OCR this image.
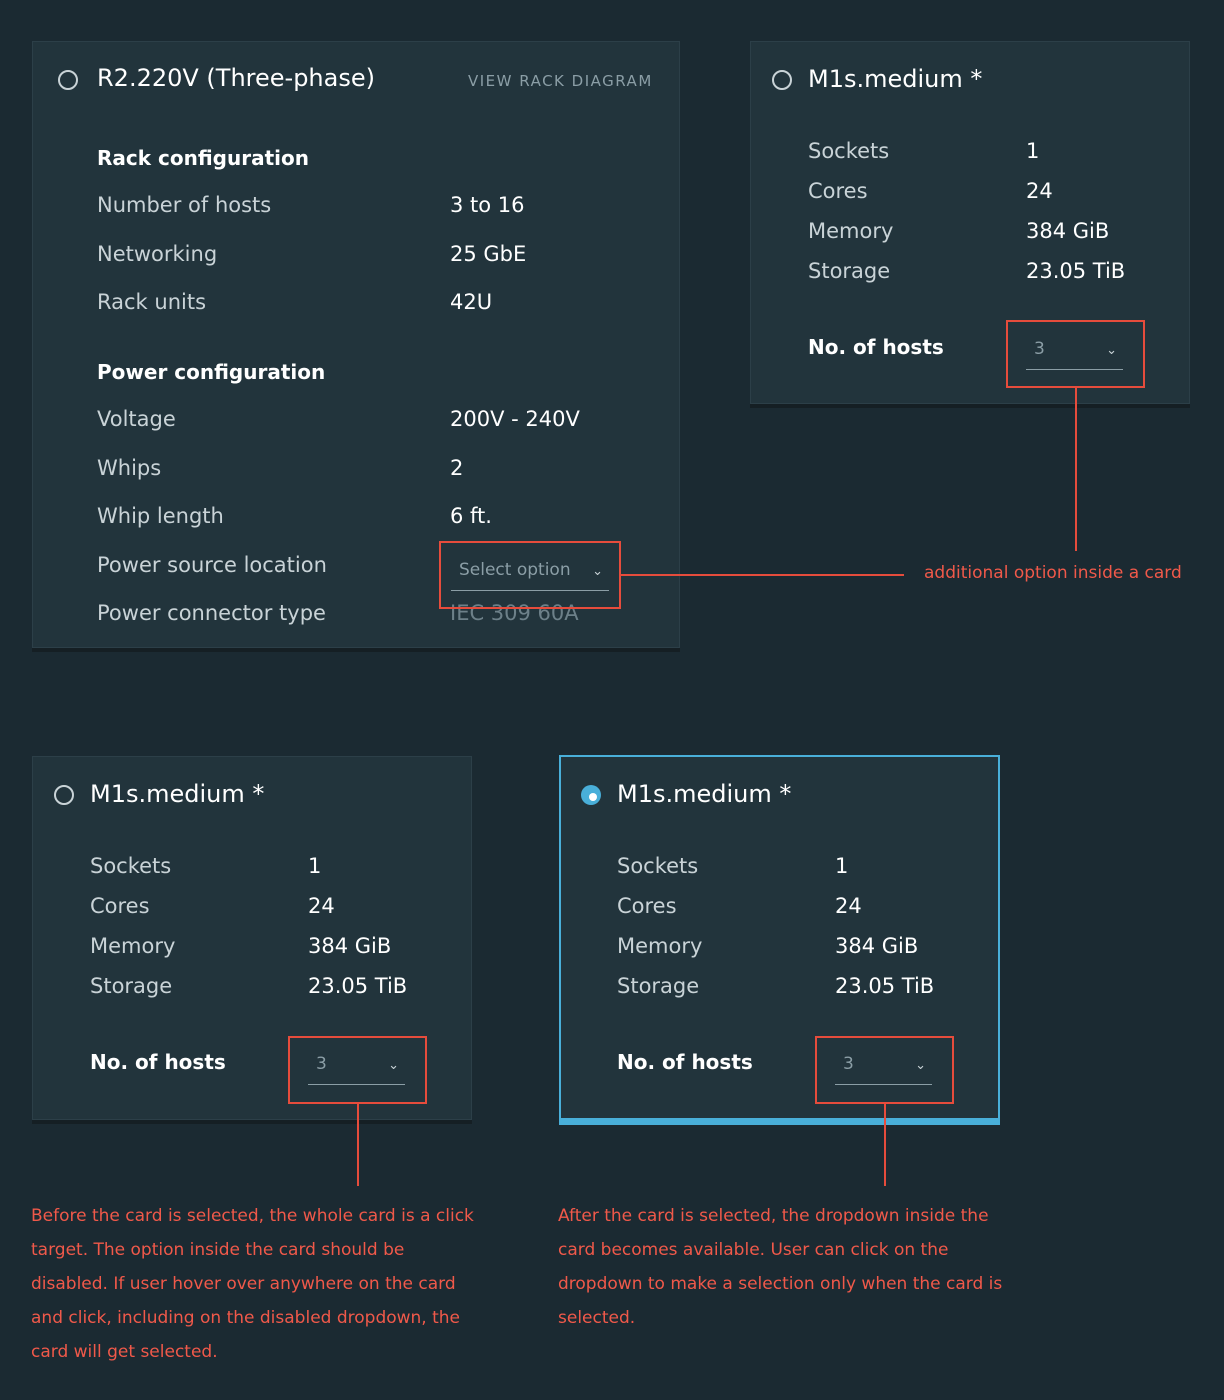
R2.220V (Three-phase)	VIEW RACK DIAGRAM
Rack configuration
Number of hosts	3 to 16
Networking	25 GbE
Rack units	42U
Power configuration
Voltage	200V - 240V
Whips	2
Whip length	6 ft.
Power source location	Select option ⌄
Power connector type	IEC 309 60A
M1s.medium *
Sockets	1
Cores	24
Memory	384 GiB
Storage	23.05 TiB
No. of hosts	3	⌄
M1s.medium *
Sockets	1
Cores	24
Memory	384 GiB
Storage	23.05 TiB
No. of hosts	3	⌄
M1s.medium *
Sockets	1
Cores	24
Memory	384 GiB
Storage	23.05 TiB
No. of hosts	3	⌄
additional option inside a card
Before the card is selected, the whole card is a click target. The option inside the card should be disabled. If user hover over anywhere on the card and click, including on the disabled dropdown, the card will get selected.
After the card is selected, the dropdown inside the card becomes available. User can click on the dropdown to make a selection only when the card is selected.
